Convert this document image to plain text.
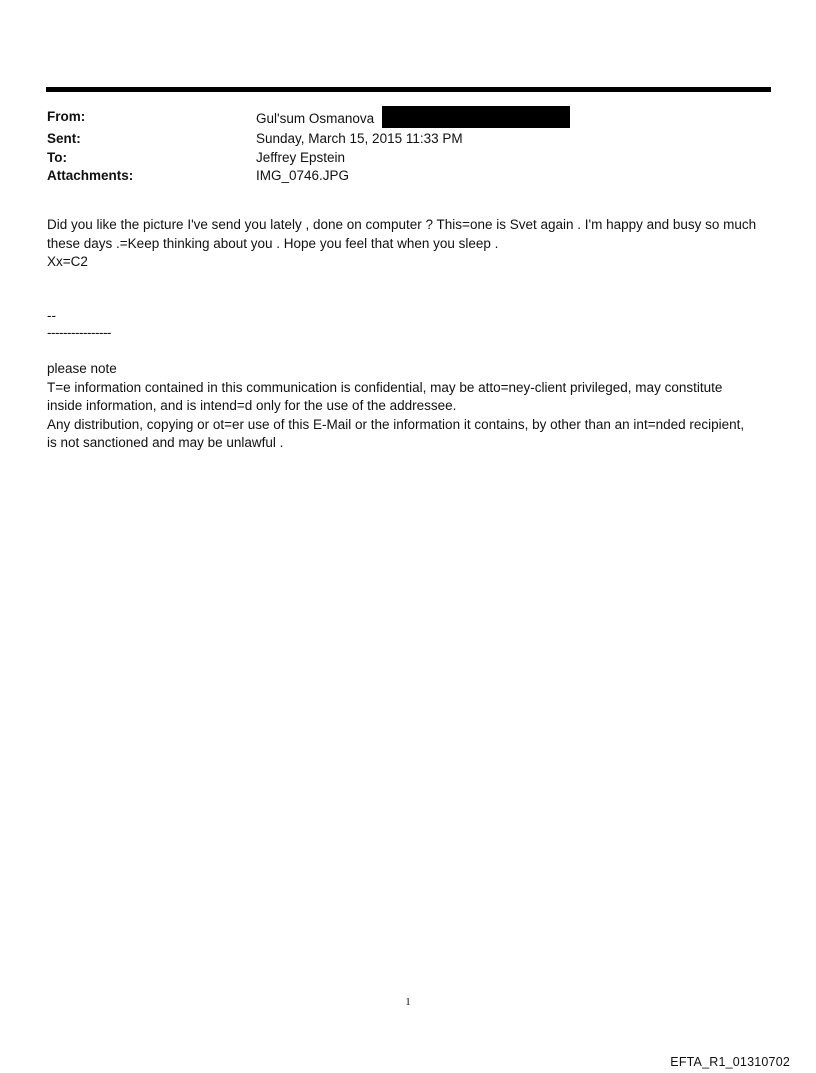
From:	Gul'sum Osmanova
Sent:	Sunday, March 15, 2015 11:33 PM
To:	Jeffrey Epstein
Attachments:	IMG_0746.JPG

Did you like the picture I've send you lately , done on computer ? This=one is Svet again . I'm happy and busy so much

these days .=Keep thinking about you . Hope you feel that when you sleep .

Xx=C2

--
----------------

please note

T=e information contained in this communication is confidential, may be atto=ney-client privileged, may constitute

inside information, and is intend=d only for the use of the addressee.

Any distribution, copying or ot=er use of this E-Mail or the information it contains, by other than an int=nded recipient,

is not sanctioned and may be unlawful .

1
EFTA_R1_01310702
